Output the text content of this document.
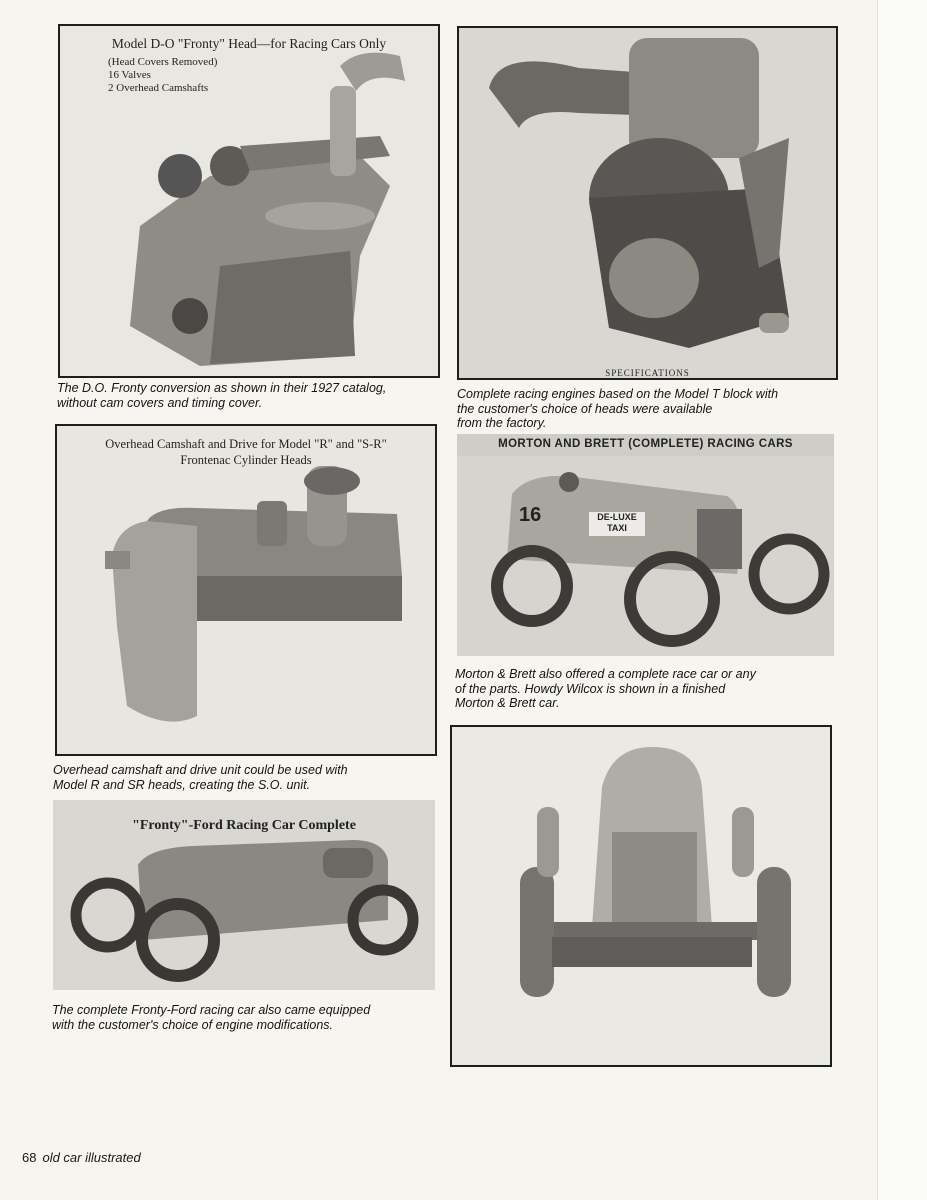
Model D-O "Fronty" Head—for Racing Cars Only
(Head Covers Removed)
16 Valves
2 Overhead Camshafts

The D.O. Fronty conversion as shown in their 1927 catalog,
without cam covers and timing cover.

SPECIFICATIONS

Complete racing engines based on the Model T block with
the customer's choice of heads were available
from the factory.

Overhead Camshaft and Drive for Model "R" and "S-R"
Frontenac Cylinder Heads

Overhead camshaft and drive unit could be used with
Model R and SR heads, creating the S.O. unit.

16	DE-LUXE
TAXI
MORTON AND BRETT (COMPLETE) RACING CARS

Morton & Brett also offered a complete race car or any
of the parts. Howdy Wilcox is shown in a finished
Morton & Brett car.

"Fronty"-Ford Racing Car Complete

The complete Fronty-Ford racing car also came equipped
with the customer's choice of engine modifications.

68 old car illustrated
